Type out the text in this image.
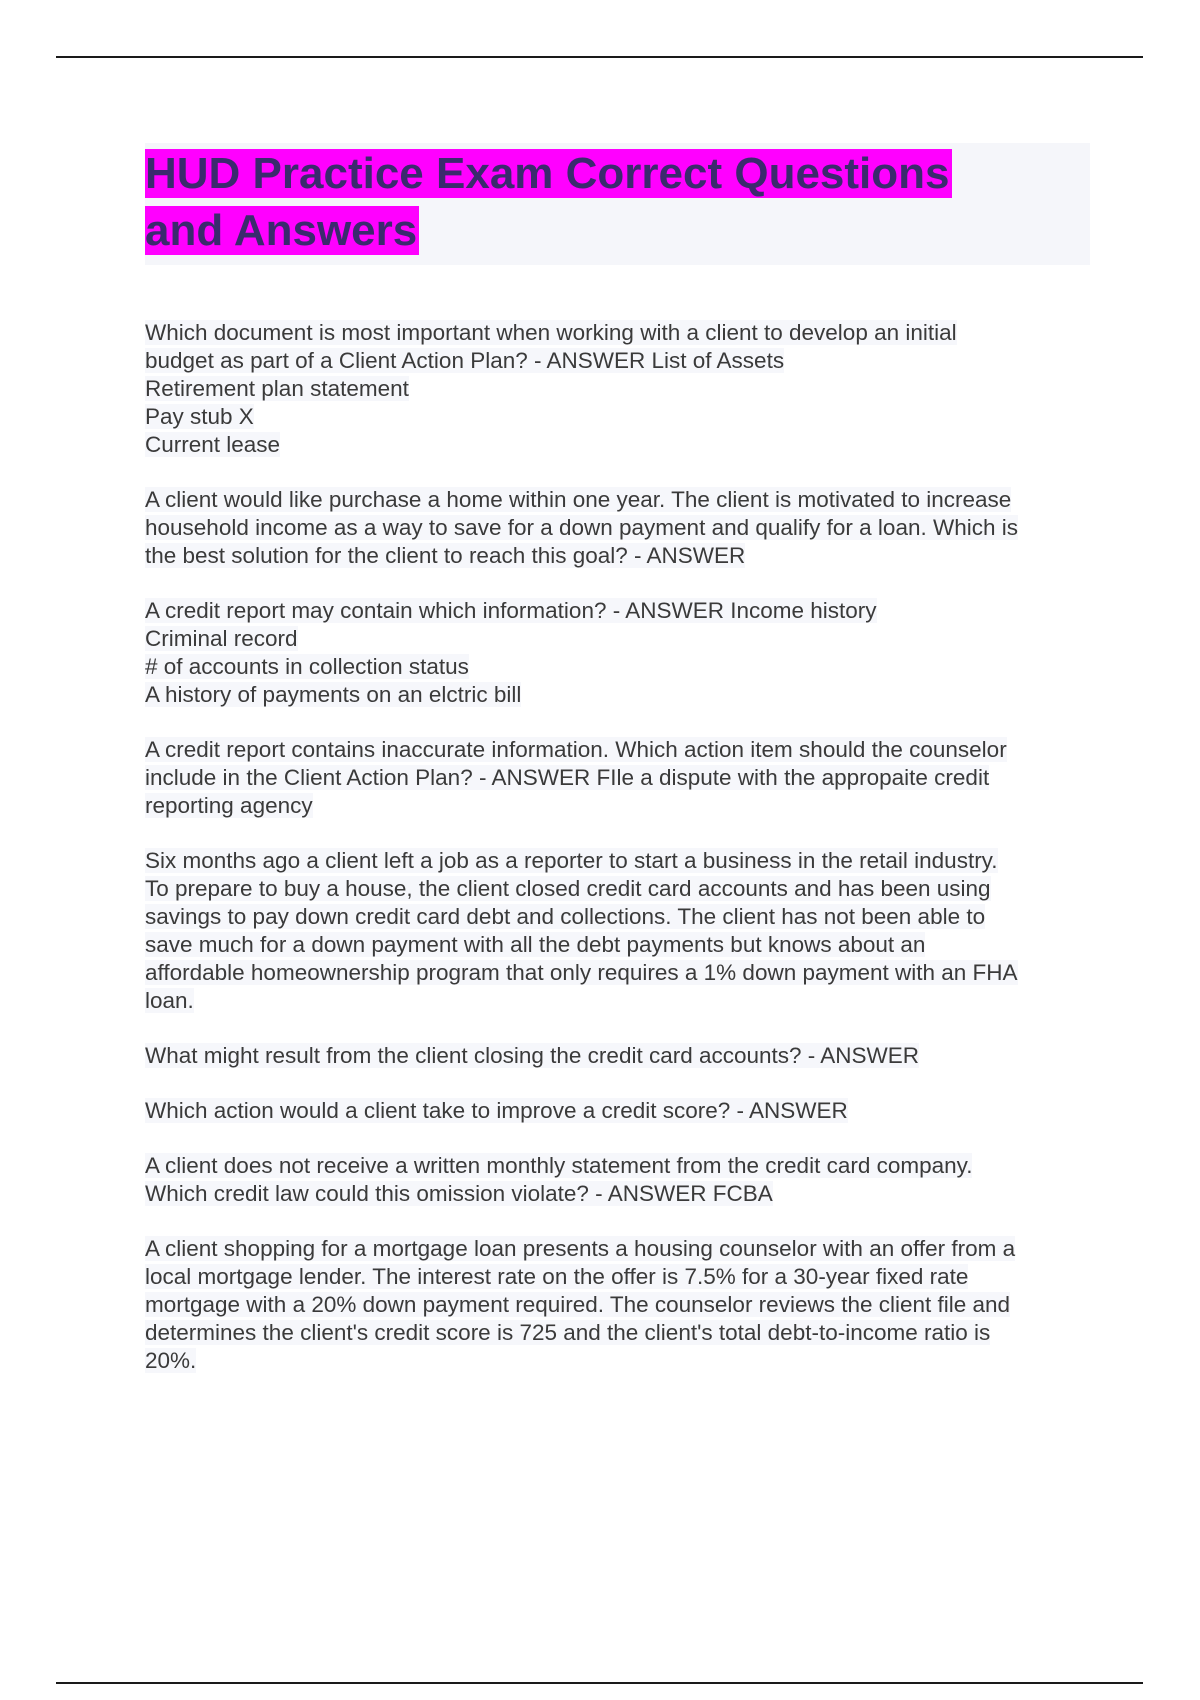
HUD Practice Exam Correct Questions
and Answers
Which document is most important when working with a client to develop an initial
budget as part of a Client Action Plan? - ANSWER List of Assets
Retirement plan statement
Pay stub X
Current lease
A client would like purchase a home within one year. The client is motivated to increase
household income as a way to save for a down payment and qualify for a loan. Which is
the best solution for the client to reach this goal? - ANSWER
A credit report may contain which information? - ANSWER Income history
Criminal record
# of accounts in collection status
A history of payments on an elctric bill
A credit report contains inaccurate information. Which action item should the counselor
include in the Client Action Plan? - ANSWER FIle a dispute with the appropaite credit
reporting agency
Six months ago a client left a job as a reporter to start a business in the retail industry.
To prepare to buy a house, the client closed credit card accounts and has been using
savings to pay down credit card debt and collections. The client has not been able to
save much for a down payment with all the debt payments but knows about an
affordable homeownership program that only requires a 1% down payment with an FHA
loan.
What might result from the client closing the credit card accounts? - ANSWER
Which action would a client take to improve a credit score? - ANSWER
A client does not receive a written monthly statement from the credit card company.
Which credit law could this omission violate? - ANSWER FCBA
A client shopping for a mortgage loan presents a housing counselor with an offer from a
local mortgage lender. The interest rate on the offer is 7.5% for a 30-year fixed rate
mortgage with a 20% down payment required. The counselor reviews the client file and
determines the client's credit score is 725 and the client's total debt-to-income ratio is
20%.
